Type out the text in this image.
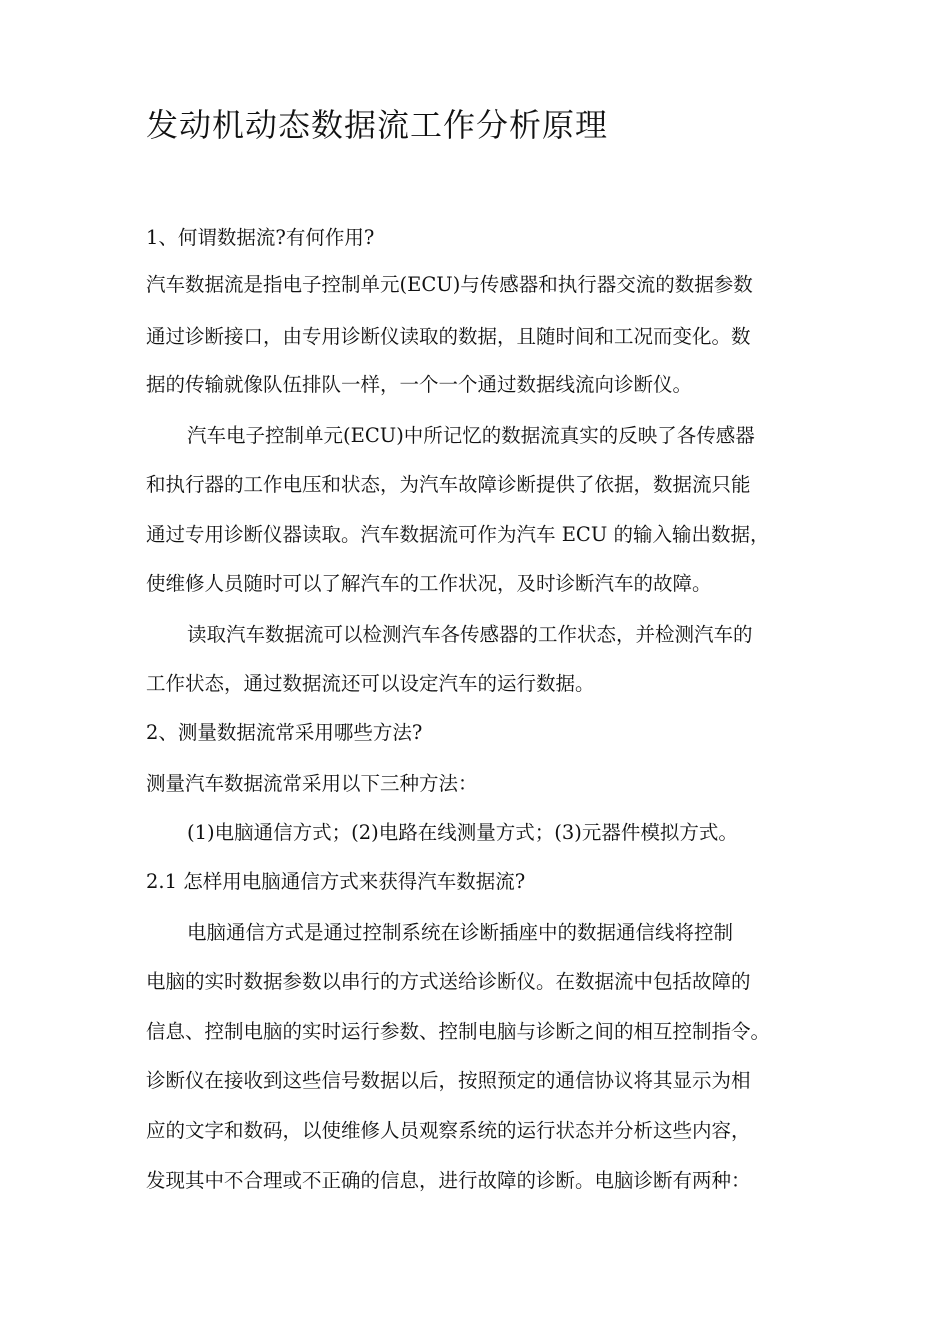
发动机动态数据流工作分析原理

1、何谓数据流?有何作用?

汽车数据流是指电子控制单元(ECU)与传感器和执行器交流的数据参数

通过诊断接口，由专用诊断仪读取的数据，且随时间和工况而变化。数

据的传输就像队伍排队一样，一个一个通过数据线流向诊断仪。

汽车电子控制单元(ECU)中所记忆的数据流真实的反映了各传感器

和执行器的工作电压和状态，为汽车故障诊断提供了依据，数据流只能

通过专用诊断仪器读取。汽车数据流可作为汽车 ECU 的输入输出数据，

使维修人员随时可以了解汽车的工作状况，及时诊断汽车的故障。

读取汽车数据流可以检测汽车各传感器的工作状态，并检测汽车的

工作状态，通过数据流还可以设定汽车的运行数据。

2、测量数据流常采用哪些方法?

测量汽车数据流常采用以下三种方法：

(1)电脑通信方式；(2)电路在线测量方式；(3)元器件模拟方式。

2.1 怎样用电脑通信方式来获得汽车数据流?

电脑通信方式是通过控制系统在诊断插座中的数据通信线将控制

电脑的实时数据参数以串行的方式送给诊断仪。在数据流中包括故障的

信息、控制电脑的实时运行参数、控制电脑与诊断之间的相互控制指令。

诊断仪在接收到这些信号数据以后，按照预定的通信协议将其显示为相

应的文字和数码，以使维修人员观察系统的运行状态并分析这些内容，

发现其中不合理或不正确的信息，进行故障的诊断。电脑诊断有两种：
